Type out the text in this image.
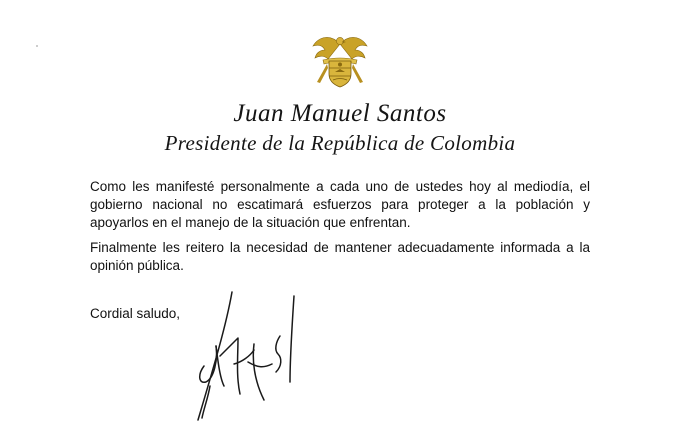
Juan Manuel Santos
Presidente de la República de Colombia

Como les manifesté personalmente a cada uno de ustedes hoy al mediodía, el gobierno nacional no escatimará esfuerzos para proteger a la población y apoyarlos en el manejo de la situación que enfrentan.

Finalmente les reitero la necesidad de mantener adecuadamente informada a la opinión pública.

Cordial saludo,
